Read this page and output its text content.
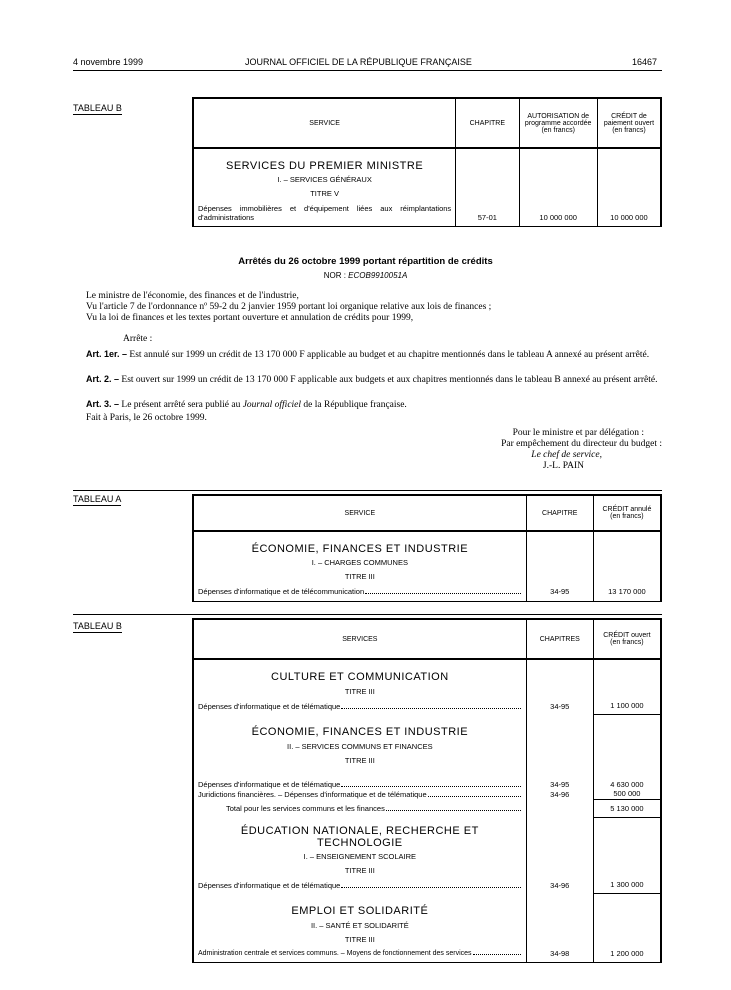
4 novembre 1999	JOURNAL OFFICIEL DE LA RÉPUBLIQUE FRANÇAISE	16467
TABLEAU B
SERVICE	CHAPITRE	AUTORISATION de programme accordée (en francs)	CRÉDIT de paiement ouvert (en francs)

SERVICES DU PREMIER MINISTRE			
I. – SERVICES GÉNÉRAUX			
TITRE V			
Dépenses immobilières et d'équipement liées aux réimplantations d'administrations	57-01	10 000 000	10 000 000
Arrêtés du 26 octobre 1999 portant répartition de crédits
NOR : ECOB9910051A
Le ministre de l'économie, des finances et de l'industrie,
Vu l'article 7 de l'ordonnance nº 59-2 du 2 janvier 1959 portant loi organique relative aux lois de finances ;
Vu la loi de finances et les textes portant ouverture et annulation de crédits pour 1999,
Arrête :
Art. 1er. – Est annulé sur 1999 un crédit de 13 170 000 F applicable au budget et au chapitre mentionnés dans le tableau A annexé au présent arrêté.
Art. 2. – Est ouvert sur 1999 un crédit de 13 170 000 F applicable aux budgets et aux chapitres mentionnés dans le tableau B annexé au présent arrêté.
Art. 3. – Le présent arrêté sera publié au Journal officiel de la République française.
Fait à Paris, le 26 octobre 1999.
Pour le ministre et par délégation :
Par empêchement du directeur du budget :
Le chef de service,
J.-L. PAIN
TABLEAU A
SERVICE	CHAPITRE	CRÉDIT annulé (en francs)

ÉCONOMIE, FINANCES ET INDUSTRIE		
I. – CHARGES COMMUNES		
TITRE III		

Dépenses d'informatique et de télécommunication	34-95	13 170 000
TABLEAU B
SERVICES	CHAPITRES	CRÉDIT ouvert (en francs)

CULTURE ET COMMUNICATION		
TITRE III		

Dépenses d'informatique et de télématique	34-95	1 100 000

ÉCONOMIE, FINANCES ET INDUSTRIE		
II. – SERVICES COMMUNS ET FINANCES		
TITRE III		

Dépenses d'informatique et de télématique	34-95	4 630 000

Juridictions financières. – Dépenses d'informatique et de télématique	34-96	500 000

Total pour les services communs et les finances		5 130 000

ÉDUCATION NATIONALE, RECHERCHE ET TECHNOLOGIE		
I. – ENSEIGNEMENT SCOLAIRE		
TITRE III		

Dépenses d'informatique et de télématique	34-96	1 300 000

EMPLOI ET SOLIDARITÉ		
II. – SANTÉ ET SOLIDARITÉ		
TITRE III		

Administration centrale et services communs. – Moyens de fonctionnement des services	34-98	1 200 000
